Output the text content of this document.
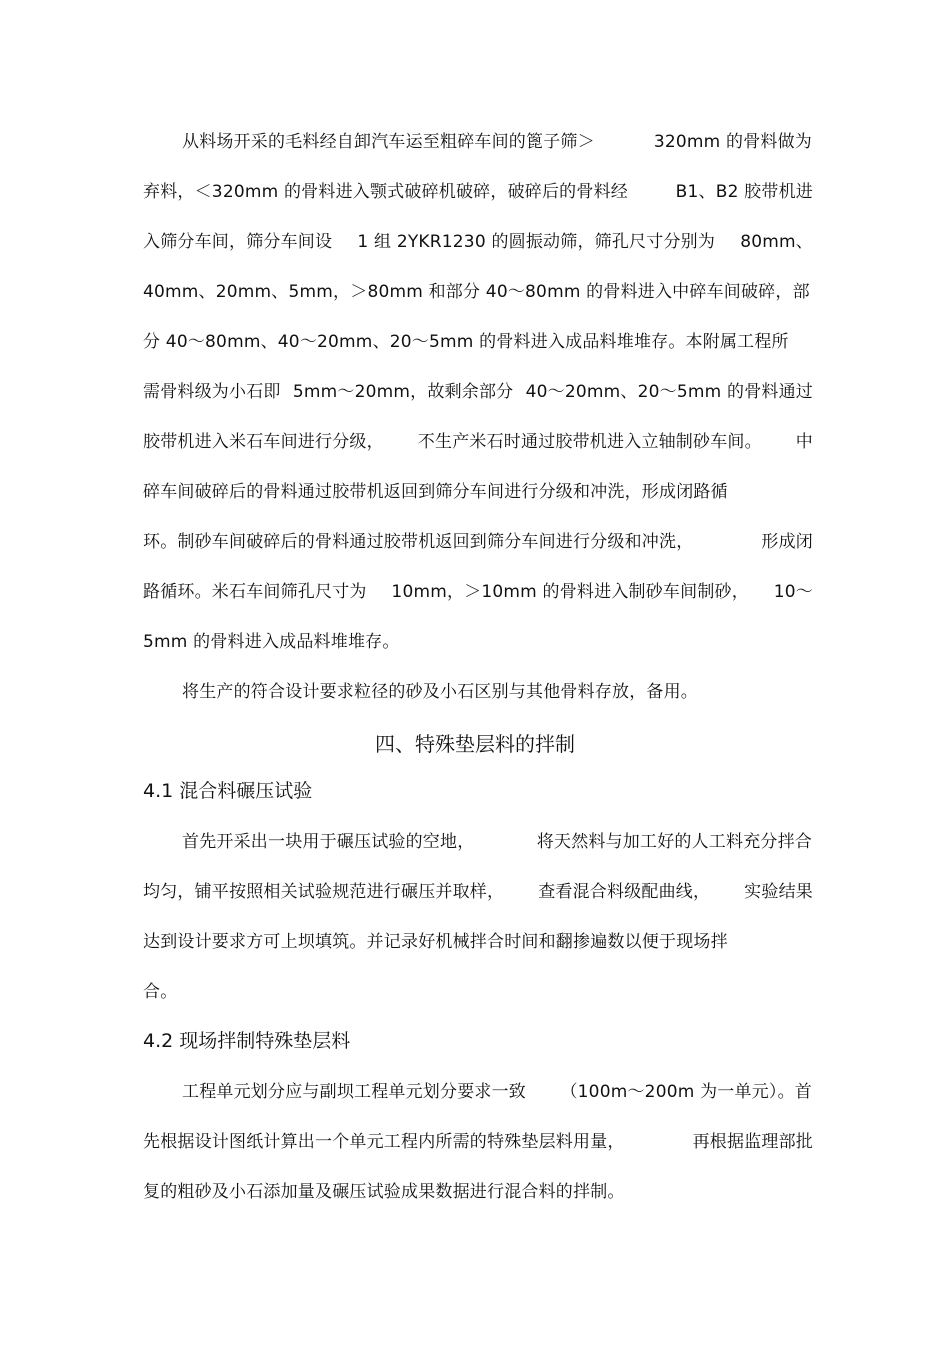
从料场开采的毛料经自卸汽车运至粗碎车间的篦子筛＞	320mm 的骨料做为
弃料，＜320mm 的骨料进入颚式破碎机破碎，破碎后的骨料经	B1、B2 胶带机进
入筛分车间，筛分车间设 1 组 2YKR1230 的圆振动筛，筛孔尺寸分别为 80mm、
40mm、20mm、5mm，＞80mm 和部分 40～80mm 的骨料进入中碎车间破碎，部
分 40～80mm、40～20mm、20～5mm 的骨料进入成品料堆堆存。本附属工程所
需骨料级为小石即 5mm～20mm，故剩余部分 40～20mm、20～5mm 的骨料通过
胶带机进入米石车间进行分级， 不生产米石时通过胶带机进入立轴制砂车间。 中
碎车间破碎后的骨料通过胶带机返回到筛分车间进行分级和冲洗，形成闭路循
环。制砂车间破碎后的骨料通过胶带机返回到筛分车间进行分级和冲洗，	形成闭
路循环。米石车间筛孔尺寸为 10mm，＞10mm 的骨料进入制砂车间制砂， 10～
5mm 的骨料进入成品料堆堆存。
将生产的符合设计要求粒径的砂及小石区别与其他骨料存放，备用。
四、特殊垫层料的拌制
4.1 混合料碾压试验
首先开采出一块用于碾压试验的空地，	将天然料与加工好的人工料充分拌合
均匀，铺平按照相关试验规范进行碾压并取样， 查看混合料级配曲线， 实验结果
达到设计要求方可上坝填筑。并记录好机械拌合时间和翻掺遍数以便于现场拌
合。
4.2 现场拌制特殊垫层料
工程单元划分应与副坝工程单元划分要求一致 （100m～200m 为一单元）。首
先根据设计图纸计算出一个单元工程内所需的特殊垫层料用量，	再根据监理部批
复的粗砂及小石添加量及碾压试验成果数据进行混合料的拌制。
